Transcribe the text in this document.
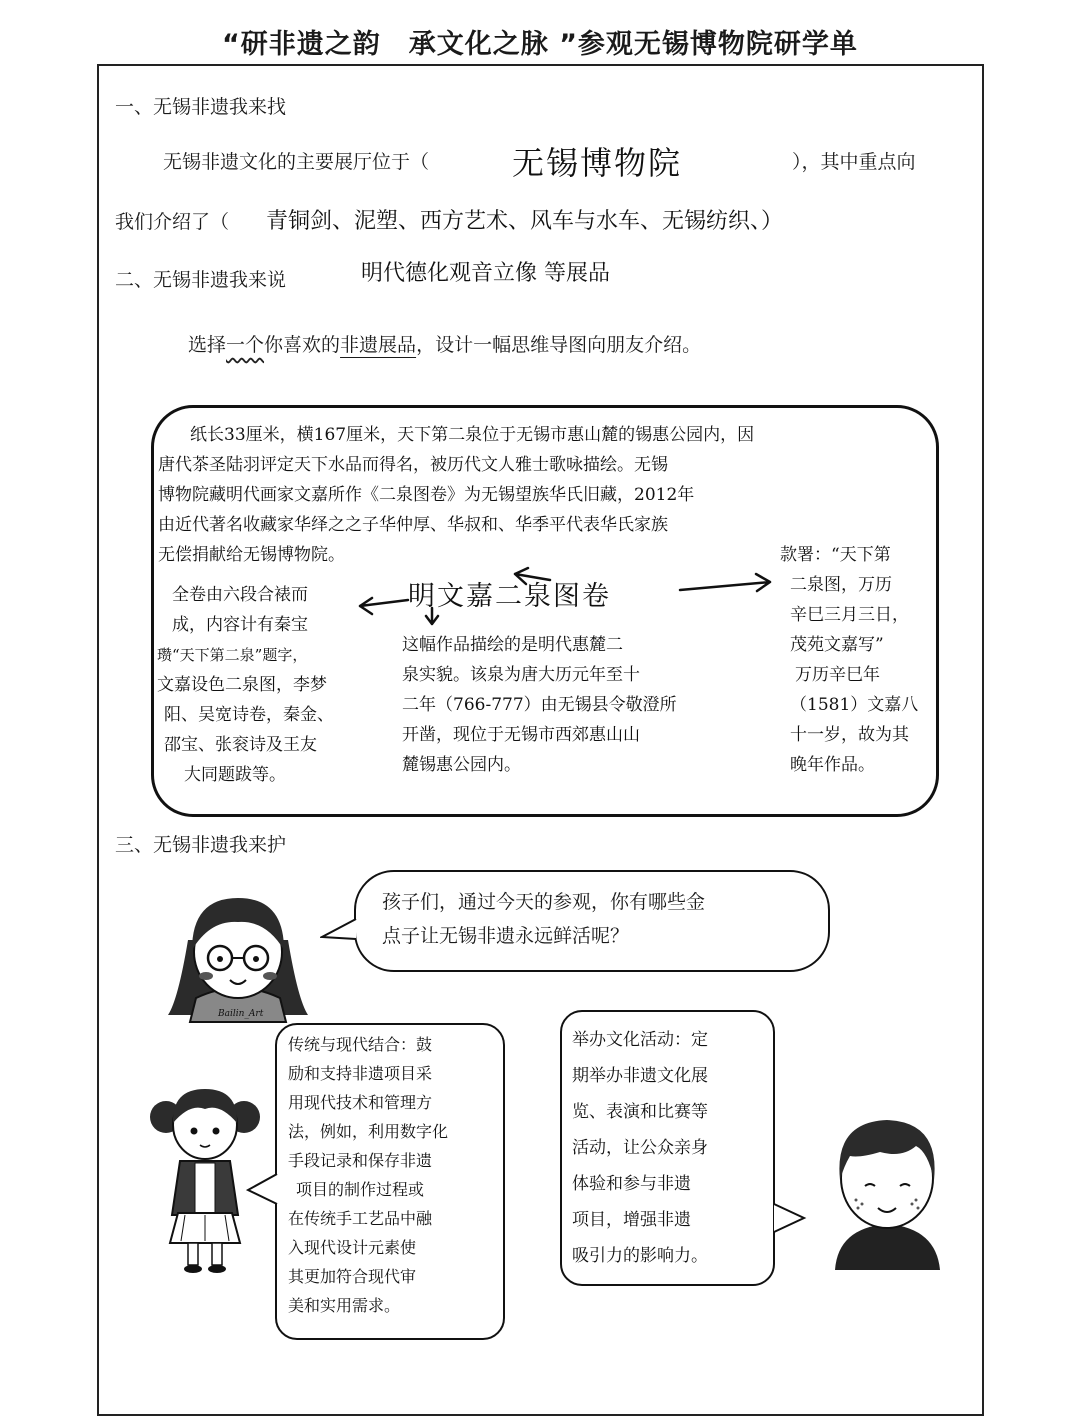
“研非遗之韵　承文化之脉 ”参观无锡博物院研学单
一、无锡非遗我来找
无锡非遗文化的主要展厅位于（	无锡博物院	），其中重点向
我们介绍了（ 青铜剑、泥塑、西方艺术、风车与水车、无锡纺织、）
二、无锡非遗我来说	明代德化观音立像 等展品
选择一个你喜欢的非遗展品，设计一幅思维导图向朋友介绍。
纸长33厘米，横167厘米，天下第二泉位于无锡市惠山麓的锡惠公园内，因
唐代茶圣陆羽评定天下水品而得名，被历代文人雅士歌咏描绘。无锡
博物院藏明代画家文嘉所作《二泉图卷》为无锡望族华氏旧藏，2012年
由近代著名收藏家华绎之之子华仲厚、华叔和、华季平代表华氏家族
无偿捐献给无锡博物院。
明文嘉二泉图卷
全卷由六段合裱而
成，内容计有秦宝
瓒“天下第二泉”题字，
文嘉设色二泉图，李梦
阳、吴宽诗卷，秦金、
邵宝、张衮诗及王友
大同题跋等。
这幅作品描绘的是明代惠麓二
泉实貌。该泉为唐大历元年至十
二年（766-777）由无锡县令敬澄所
开凿，现位于无锡市西郊惠山山
麓锡惠公园内。
款署：“天下第
二泉图，万历
辛巳三月三日，
茂苑文嘉写”
万历辛巳年
（1581）文嘉八
十一岁，故为其
晚年作品。
三、无锡非遗我来护
Bailin_Art
孩子们，通过今天的参观，你有哪些金
点子让无锡非遗永远鲜活呢？
传统与现代结合：鼓
励和支持非遗项目采
用现代技术和管理方
法，例如，利用数字化
手段记录和保存非遗
项目的制作过程或
在传统手工艺品中融
入现代设计元素使
其更加符合现代审
美和实用需求。
举办文化活动：定
期举办非遗文化展
览、表演和比赛等
活动，让公众亲身
体验和参与非遗
项目，增强非遗
吸引力的影响力。
